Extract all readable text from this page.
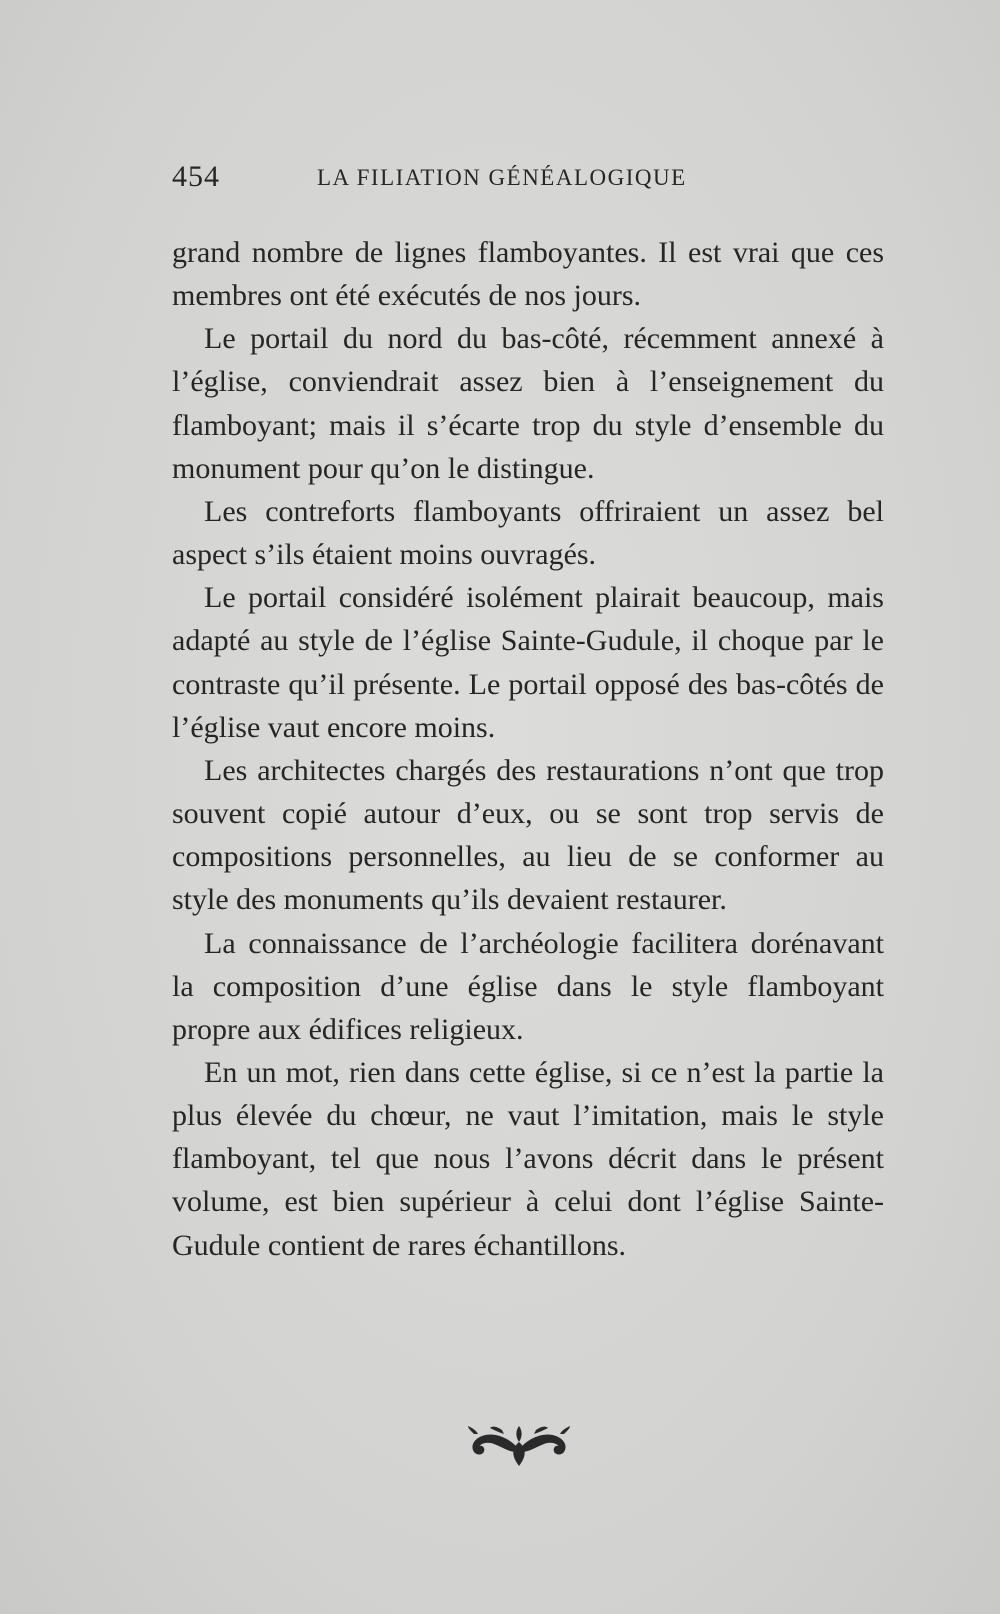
454	LA FILIATION GÉNÉALOGIQUE

grand nombre de lignes flamboyantes. Il est vrai que ces membres ont été exécutés de nos jours.

Le portail du nord du bas-côté, récemment annexé à l’église, conviendrait assez bien à l’enseignement du flamboyant; mais il s’écarte trop du style d’ensemble du monument pour qu’on le distingue.

Les contreforts flamboyants offriraient un assez bel aspect s’ils étaient moins ouvragés.

Le portail considéré isolément plairait beaucoup, mais adapté au style de l’église Sainte-Gudule, il choque par le contraste qu’il présente. Le portail opposé des bas-côtés de l’église vaut encore moins.

Les architectes chargés des restaurations n’ont que trop souvent copié autour d’eux, ou se sont trop servis de compositions personnelles, au lieu de se conformer au style des monuments qu’ils devaient restaurer.

La connaissance de l’archéologie facilitera dorénavant la composition d’une église dans le style flamboyant propre aux édifices religieux.

En un mot, rien dans cette église, si ce n’est la partie la plus élevée du chœur, ne vaut l’imitation, mais le style flamboyant, tel que nous l’avons décrit dans le présent volume, est bien supérieur à celui dont l’église Sainte-Gudule contient de rares échantillons.
